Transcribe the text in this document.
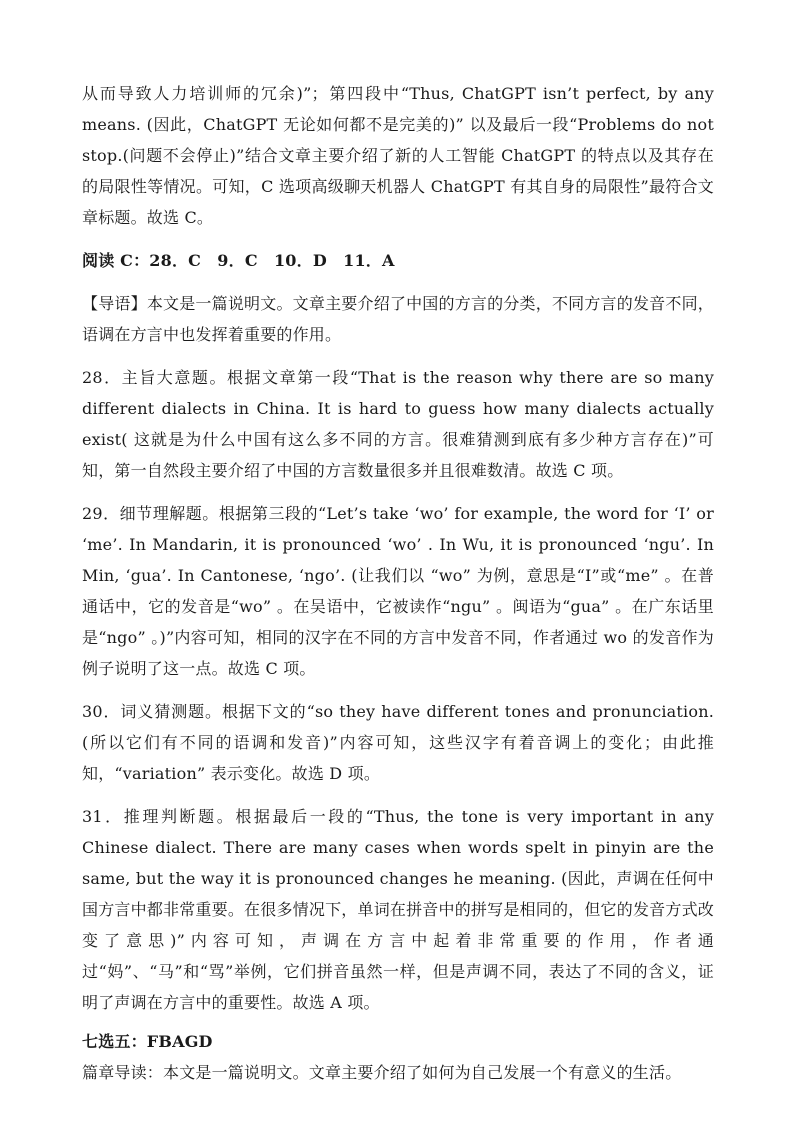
从而导致人力培训师的冗余)”；第四段中“Thus, ChatGPT isn’t perfect, by any means. (因此，ChatGPT 无论如何都不是完美的)” 以及最后一段“Problems do not stop.(问题不会停止)”结合文章主要介绍了新的人工智能 ChatGPT 的特点以及其存在的局限性等情况。可知，C 选项高级聊天机器人 ChatGPT 有其自身的局限性”最符合文章标题。故选 C。

阅读 C：28．C　9．C　10．D　11．A

【导语】本文是一篇说明文。文章主要介绍了中国的方言的分类，不同方言的发音不同，语调在方言中也发挥着重要的作用。

28．主旨大意题。根据文章第一段“That is the reason why there are so many different dialects in China. It is hard to guess how many dialects actually exist( 这就是为什么中国有这么多不同的方言。很难猜测到底有多少种方言存在)”可知，第一自然段主要介绍了中国的方言数量很多并且很难数清。故选 C 项。

29．细节理解题。根据第三段的“Let’s take ‘wo’ for example, the word for ‘I’ or ‘me’. In Mandarin, it is pronounced ‘wo’ . In Wu, it is pronounced ‘ngu’. In Min, ‘gua’. In Cantonese, ‘ngo’. (让我们以 “wo” 为例，意思是“I”或“me” 。在普通话中，它的发音是“wo” 。在吴语中，它被读作“ngu” 。闽语为“gua” 。在广东话里是“ngo” 。)”内容可知，相同的汉字在不同的方言中发音不同，作者通过 wo 的发音作为例子说明了这一点。故选 C 项。

30．词义猜测题。根据下文的“so they have different tones and pronunciation. (所以它们有不同的语调和发音)”内容可知，这些汉字有着音调上的变化；由此推知，“variation” 表示变化。故选 D 项。

31．推理判断题。根据最后一段的“Thus, the tone is very important in any Chinese dialect. There are many cases when words spelt in pinyin are the same, but the way it is pronounced changes he meaning. (因此，声调在任何中国方言中都非常重要。在很多情况下，单词在拼音中的拼写是相同的，但它的发音方式改变了意思)”内容可知，声调在方言中起着非常重要的作用，作者通过“妈”、“马”和“骂”举例，它们拼音虽然一样，但是声调不同，表达了不同的含义，证明了声调在方言中的重要性。故选 A 项。

七选五：FBAGD

篇章导读：本文是一篇说明文。文章主要介绍了如何为自己发展一个有意义的生活。
